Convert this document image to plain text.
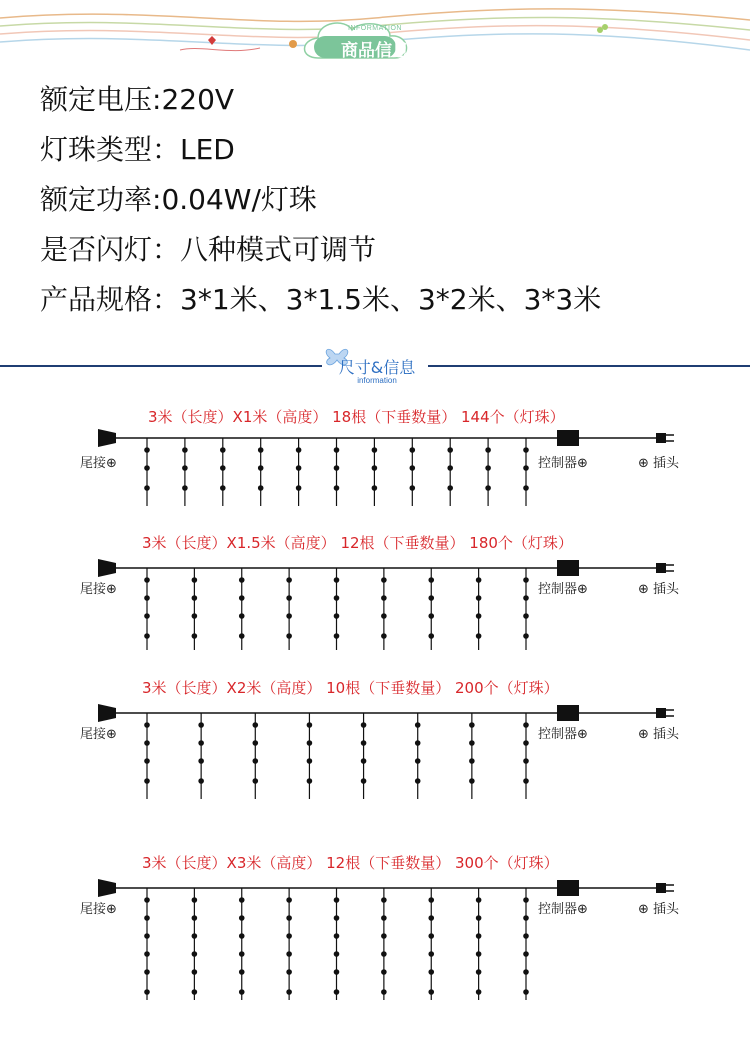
INFORMATION
商品信息
额定电压:220V
灯珠类型：LED
额定功率:0.04W/灯珠
是否闪灯：八种模式可调节
产品规格：3*1米、3*1.5米、3*2米、3*3米
尺寸&信息
information
3米（长度）X1米（高度） 18根（下垂数量） 144个（灯珠）
尾接⊕	控制器⊕	⊕ 插头
3米（长度）X1.5米（高度） 12根（下垂数量） 180个（灯珠）
尾接⊕	控制器⊕	⊕ 插头
3米（长度）X2米（高度） 10根（下垂数量） 200个（灯珠）
尾接⊕	控制器⊕	⊕ 插头
3米（长度）X3米（高度） 12根（下垂数量） 300个（灯珠）
尾接⊕	控制器⊕	⊕ 插头
